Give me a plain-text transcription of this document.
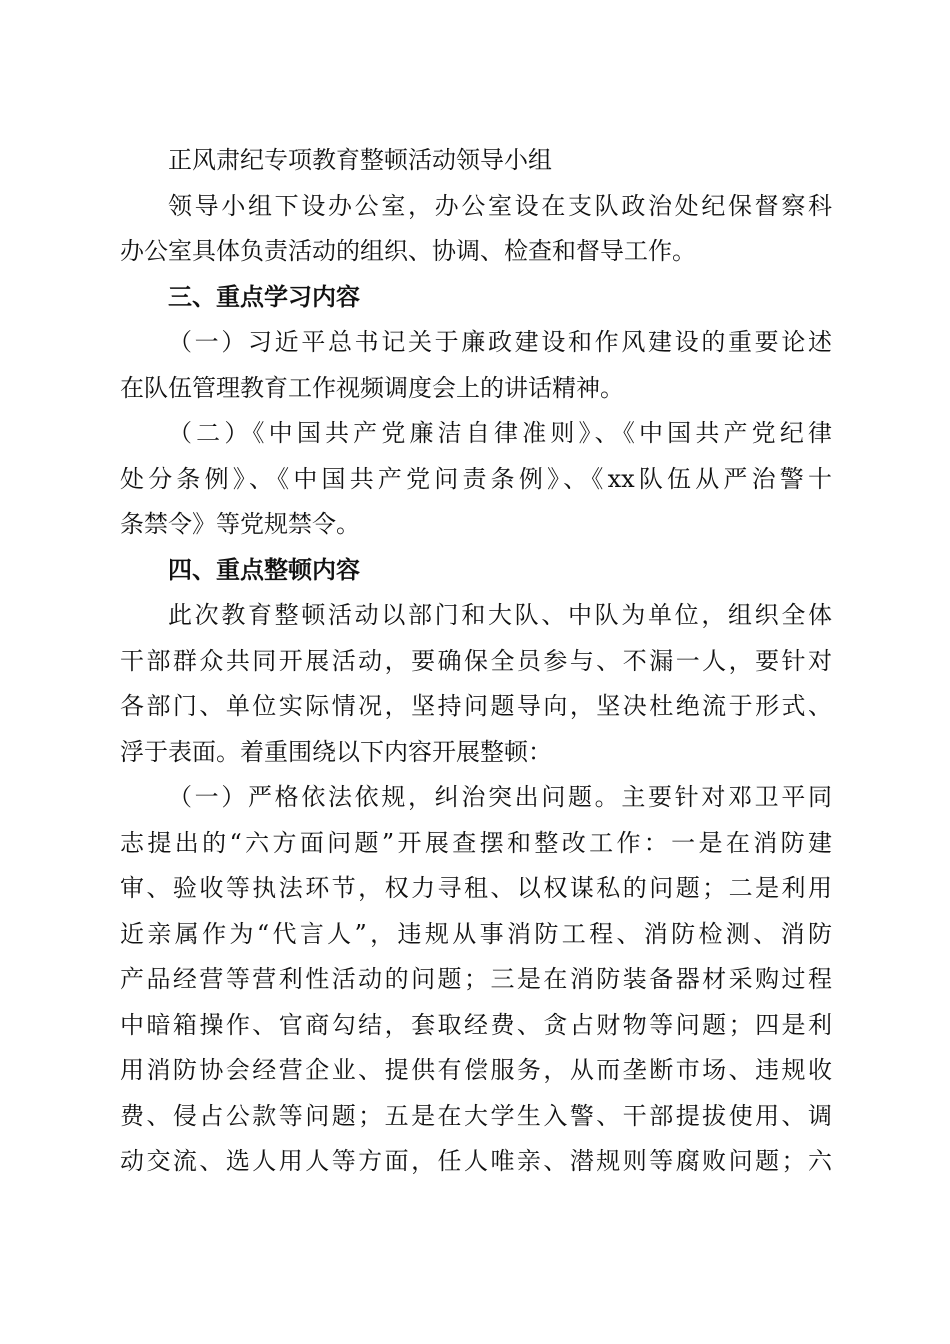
正风肃纪专项教育整顿活动领导小组
领导小组下设办公室，办公室设在支队政治处纪保督察科
办公室具体负责活动的组织、协调、检查和督导工作。
三、重点学习内容
（一）习近平总书记关于廉政建设和作风建设的重要论述
在队伍管理教育工作视频调度会上的讲话精神。
（二）《中国共产党廉洁自律准则》、《中国共产党纪律
处分条例》、《中国共产党问责条例》、《xx队伍从严治警十
条禁令》等党规禁令。
四、重点整顿内容
此次教育整顿活动以部门和大队、中队为单位，组织全体
干部群众共同开展活动，要确保全员参与、不漏一人，要针对
各部门、单位实际情况，坚持问题导向，坚决杜绝流于形式、
浮于表面。着重围绕以下内容开展整顿：
（一）严格依法依规，纠治突出问题。主要针对邓卫平同
志提出的“六方面问题”开展查摆和整改工作：一是在消防建
审、验收等执法环节，权力寻租、以权谋私的问题；二是利用
近亲属作为“代言人”，违规从事消防工程、消防检测、消防
产品经营等营利性活动的问题；三是在消防装备器材采购过程
中暗箱操作、官商勾结，套取经费、贪占财物等问题；四是利
用消防协会经营企业、提供有偿服务，从而垄断市场、违规收
费、侵占公款等问题；五是在大学生入警、干部提拔使用、调
动交流、选人用人等方面，任人唯亲、潜规则等腐败问题；六
